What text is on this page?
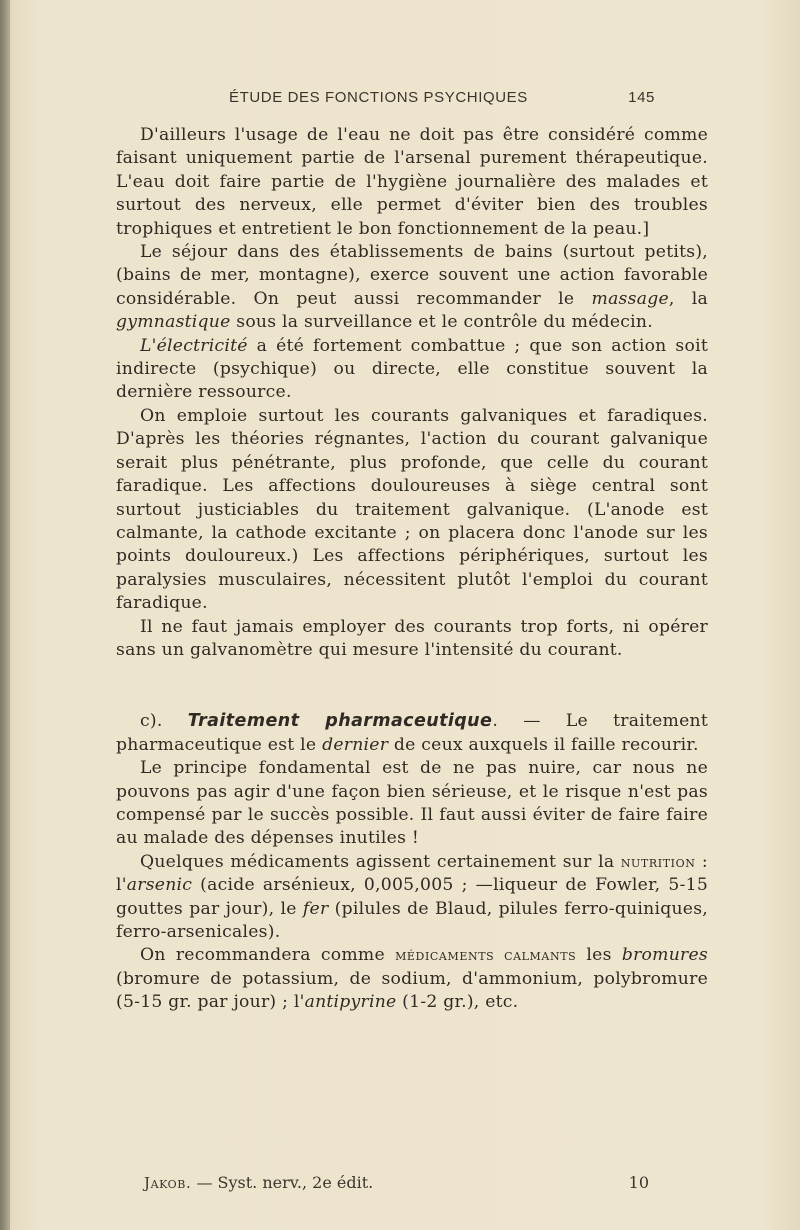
ÉTUDE DES FONCTIONS PSYCHIQUES	145

D'ailleurs l'usage de l'eau ne doit pas être considéré comme faisant uniquement partie de l'arsenal purement thérapeutique. L'eau doit faire partie de l'hygiène journalière des malades et surtout des nerveux, elle permet d'éviter bien des troubles trophiques et entretient le bon fonctionnement de la peau.]

Le séjour dans des établissements de bains (surtout petits), (bains de mer, montagne), exerce souvent une action favorable considérable. On peut aussi recommander le massage, la gymnastique sous la surveillance et le contrôle du médecin.

L'électricité a été fortement combattue ; que son action soit indirecte (psychique) ou directe, elle constitue souvent la dernière ressource.

On emploie surtout les courants galvaniques et faradiques. D'après les théories régnantes, l'action du courant galvanique serait plus pénétrante, plus profonde, que celle du courant faradique. Les affections douloureuses à siège central sont surtout justiciables du traitement galvanique. (L'anode est calmante, la cathode excitante ; on placera donc l'anode sur les points douloureux.) Les affections périphériques, surtout les paralysies musculaires, nécessitent plutôt l'emploi du courant faradique.

Il ne faut jamais employer des courants trop forts, ni opérer sans un galvanomètre qui mesure l'intensité du courant.

c). Traitement pharmaceutique. — Le traitement pharmaceutique est le dernier de ceux auxquels il faille recourir.

Le principe fondamental est de ne pas nuire, car nous ne pouvons pas agir d'une façon bien sérieuse, et le risque n'est pas compensé par le succès possible. Il faut aussi éviter de faire faire au malade des dépenses inutiles !

Quelques médicaments agissent certainement sur la nutrition : l'arsenic (acide arsénieux, 0,005,005 ; —liqueur de Fowler, 5-15 gouttes par jour), le fer (pilules de Blaud, pilules ferro-quiniques, ferro-arsenicales).

On recommandera comme médicaments calmants les bromures (bromure de potassium, de sodium, d'ammonium, polybromure (5-15 gr. par jour) ; l'antipyrine (1-2 gr.), etc.

Jakob. — Syst. nerv., 2e édit.	10
